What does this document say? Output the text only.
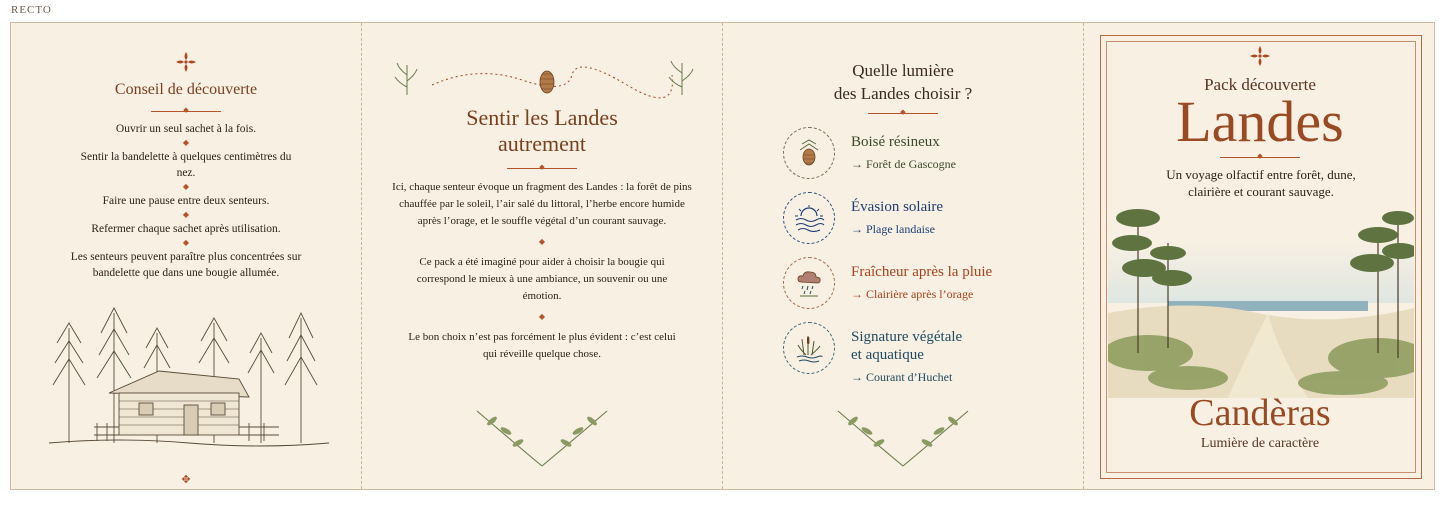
RECTO
Conseil de découverte
◆

Ouvrir un seul sachet à la fois.

◆

Sentir la bandelette à quelques centimètres du nez.

◆

Faire une pause entre deux senteurs.

◆

Refermer chaque sachet après utilisation.

◆

Les senteurs peuvent paraître plus concentrées sur bandelette que dans une bougie allumée.

✥
Sentir les Landes
autrement
◆

Ici, chaque senteur évoque un fragment des Landes : la forêt de pins chauffée par le soleil, l’air salé du littoral, l’herbe encore humide après l’orage, et le souffle végétal d’un courant sauvage.

◆

Ce pack a été imaginé pour aider à choisir la bougie qui correspond le mieux à une ambiance, un souvenir ou une émotion.

◆

Le bon choix n’est pas forcément le plus évident : c’est celui qui réveille quelque chose.

Quelle lumière
des Landes choisir ?
◆
Boisé résineux
→ Forêt de Gascogne
Évasion solaire
→ Plage landaise
Fraîcheur après la pluie
→ Clairière après l’orage
Signature végétale
et aquatique
→ Courant d’Huchet
Pack découverte
Landes
◆
Un voyage olfactif entre forêt, dune, clairière et courant sauvage.
Candèras
Lumière de caractère
